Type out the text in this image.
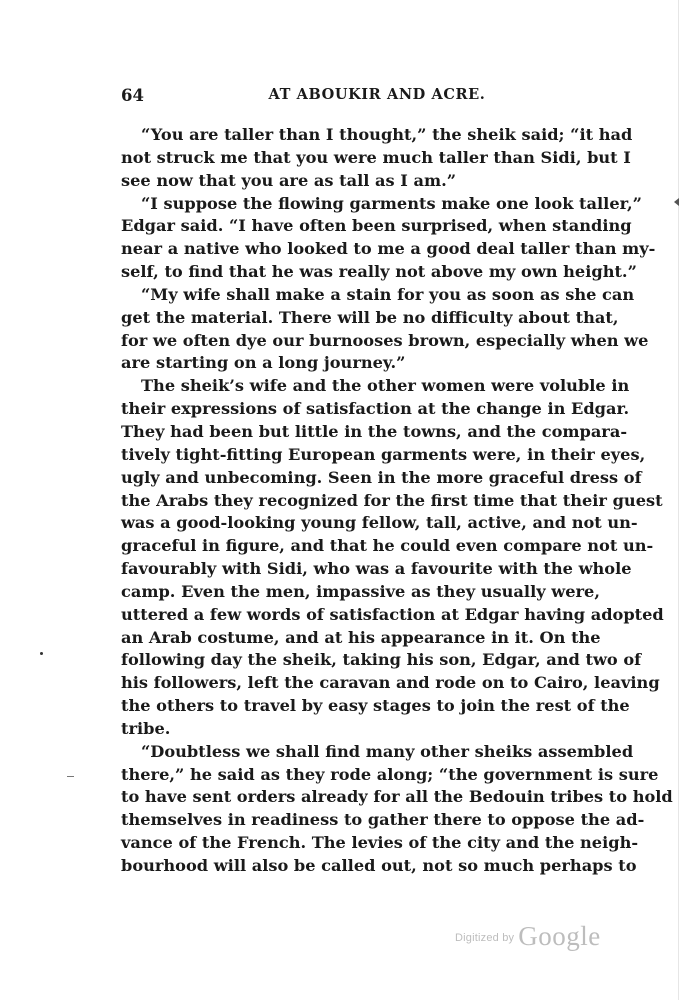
64	AT ABOUKIR AND ACRE.
“You are taller than I thought,” the sheik said; “it had
not struck me that you were much taller than Sidi, but I
see now that you are as tall as I am.”
“I suppose the flowing garments make one look taller,”
Edgar said. “I have often been surprised, when standing
near a native who looked to me a good deal taller than my-
self, to find that he was really not above my own height.”
“My wife shall make a stain for you as soon as she can
get the material. There will be no difficulty about that,
for we often dye our burnooses brown, especially when we
are starting on a long journey.”
The sheik’s wife and the other women were voluble in
their expressions of satisfaction at the change in Edgar.
They had been but little in the towns, and the compara-
tively tight-fitting European garments were, in their eyes,
ugly and unbecoming. Seen in the more graceful dress of
the Arabs they recognized for the first time that their guest
was a good-looking young fellow, tall, active, and not un-
graceful in figure, and that he could even compare not un-
favourably with Sidi, who was a favourite with the whole
camp. Even the men, impassive as they usually were,
uttered a few words of satisfaction at Edgar having adopted
an Arab costume, and at his appearance in it. On the
following day the sheik, taking his son, Edgar, and two of
his followers, left the caravan and rode on to Cairo, leaving
the others to travel by easy stages to join the rest of the
tribe.
“Doubtless we shall find many other sheiks assembled
there,” he said as they rode along; “the government is sure
to have sent orders already for all the Bedouin tribes to hold
themselves in readiness to gather there to oppose the ad-
vance of the French. The levies of the city and the neigh-
bourhood will also be called out, not so much perhaps to
$^{Digitized by}$ Google
